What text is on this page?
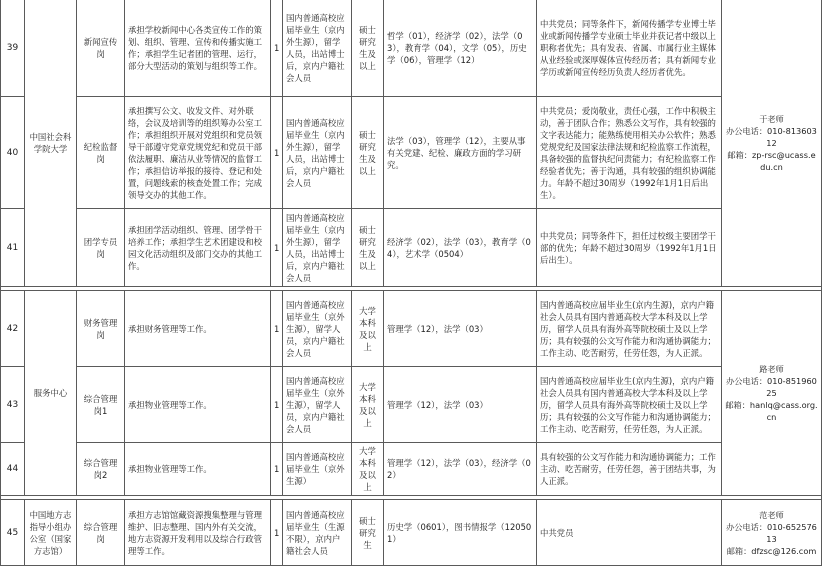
39	中国社会科学院大学	新闻宣传岗	承担学校新闻中心各类宣传工作的策划、组织、管理、宣传和传播实施工作；承担学生记者团的管理、运行，部分大型活动的策划与组织等工作。	1	国内普通高校应届毕业生（京内外生源），留学人员，出站博士后，京内户籍社会人员	硕士研究生及以上	哲学（01），经济学（02），法学（03），教育学（04），文学（05），历史学（06），管理学（12）	中共党员；同等条件下，新闻传播学专业博士毕业或新闻传播学专业硕士毕业并获记者中级以上职称者优先；具有发表、省属、市属行业主媒体从业经验或深厚媒体宣传经历者；具有新闻专业学历或新闻宣传经历负责人经历者优先。	于老师
办公电话：010-81360312
邮箱：zp-rsc@ucass.edu.cn

40		纪检监督岗	承担撰写公文、收发文件、对外联络，会议及培训等的组织筹办公室工作；承担组织开展对党组织和党员领导干部遵守党章党规党纪和党员干部依法履职、廉洁从业等情况的监督工作；承担信访举报的接待、登记和处置，问题线索的核查处置工作；完成领导交办的其他工作。	1	国内普通高校应届毕业生（京内外生源），留学人员，出站博士后，京内户籍社会人员	硕士研究生及以上	法学（03），管理学（12），主要从事有关党建、纪检、廉政方面的学习研究。	中共党员；爱岗敬业，责任心强，工作中积极主动，善于团队合作；熟悉公文写作，具有较强的文字表达能力；能熟练使用相关办公软件；熟悉党规党纪及国家法律法规和纪检监察工作流程，具备较强的监督执纪问责能力；有纪检监察工作经验者优先；善于沟通，具有较强的组织协调能力。年龄不超过30周岁（1992年1月1日后出生）。	
41		团学专员岗	承担团学活动组织、管理、团学骨干培养工作；承担学生艺术团建设和校园文化活动组织及部门交办的其他工作。	1	国内普通高校应届毕业生（京内外生源），留学人员，出站博士后，京内户籍社会人员	硕士研究生及以上	经济学（02），法学（03），教育学（04），艺术学（0504）	中共党员；同等条件下，担任过校级主要团学干部的优先；年龄不超过30周岁（1992年1月1日后出生）。	

42	服务中心	财务管理岗	承担财务管理等工作。	1	国内普通高校应届毕业生（京外生源），留学人员，京内户籍社会人员	大学本科及以上	管理学（12），法学（03）	国内普通高校应届毕业生(京内生源)，京内户籍社会人员具有国内普通高校大学本科及以上学历，留学人员具有海外高等院校硕士及以上学历；具有较强的公文写作能力和沟通协调能力；工作主动、吃苦耐劳，任劳任怨，为人正派。	路老师
办公电话：010-85196025
邮箱：hanlq@cass.org.cn

43		综合管理岗1	承担物业管理等工作。	1	国内普通高校应届毕业生（京外生源），留学人员，京内户籍社会人员	大学本科及以上	管理学（12），法学（03）	国内普通高校应届毕业生(京内生源)，京内户籍社会人员具有国内普通高校大学本科及以上学历，留学人员具有海外高等院校硕士及以上学历；具有较强的公文写作能力和沟通协调能力；工作主动、吃苦耐劳，任劳任怨，为人正派。	
44		综合管理岗2	承担物业管理等工作。	1	国内普通高校应届毕业生（京外生源）	大学本科及以上	管理学（12），法学（03），经济学（02）	具有较强的公文写作能力和沟通协调能力；工作主动、吃苦耐劳，任劳任怨，善于团结共事，为人正派。	

45	中国地方志指导小组办公室（国家方志馆）	综合管理岗	承担方志馆馆藏资源搜集整理与管理维护、旧志整理、国内外有关交流，地方志资源开发利用以及综合行政管理等工作。	1	国内普通高校应届毕业生（生源不限），京内户籍社会人员	硕士研究生	历史学（0601），图书情报学（120501）	中共党员	范老师
办公电话：010-65257613
邮箱：dfzsc@126.com
